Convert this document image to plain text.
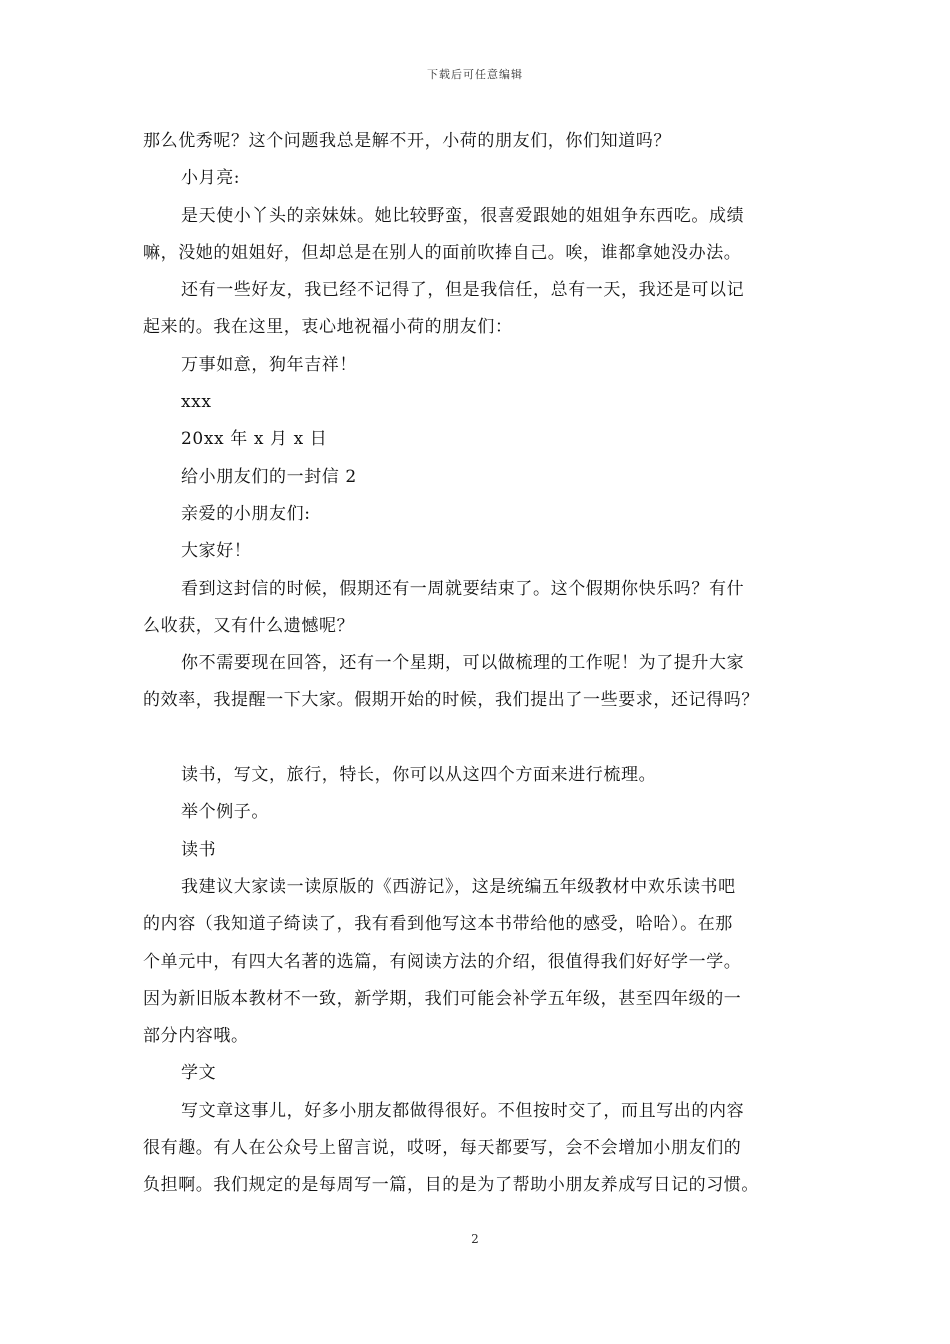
下载后可任意编辑
那么优秀呢？这个问题我总是解不开，小荷的朋友们，你们知道吗？
小月亮:
是天使小丫头的亲妹妹。她比较野蛮，很喜爱跟她的姐姐争东西吃。成绩
嘛，没她的姐姐好，但却总是在别人的面前吹捧自己。唉，谁都拿她没办法。
还有一些好友，我已经不记得了，但是我信任，总有一天，我还是可以记
起来的。我在这里，衷心地祝福小荷的朋友们：
万事如意，狗年吉祥！
xxx
20xx 年 x 月 x 日
给小朋友们的一封信 2
亲爱的小朋友们:
大家好！
看到这封信的时候，假期还有一周就要结束了。这个假期你快乐吗？有什
么收获，又有什么遗憾呢？
你不需要现在回答，还有一个星期，可以做梳理的工作呢！为了提升大家
的效率，我提醒一下大家。假期开始的时候，我们提出了一些要求，还记得吗？
读书，写文，旅行，特长，你可以从这四个方面来进行梳理。
举个例子。
读书
我建议大家读一读原版的《西游记》，这是统编五年级教材中欢乐读书吧
的内容（我知道子绮读了，我有看到他写这本书带给他的感受，哈哈）。在那
个单元中，有四大名著的选篇，有阅读方法的介绍，很值得我们好好学一学。
因为新旧版本教材不一致，新学期，我们可能会补学五年级，甚至四年级的一
部分内容哦。
学文
写文章这事儿，好多小朋友都做得很好。不但按时交了，而且写出的内容
很有趣。有人在公众号上留言说，哎呀，每天都要写，会不会增加小朋友们的
负担啊。我们规定的是每周写一篇，目的是为了帮助小朋友养成写日记的习惯。
2
